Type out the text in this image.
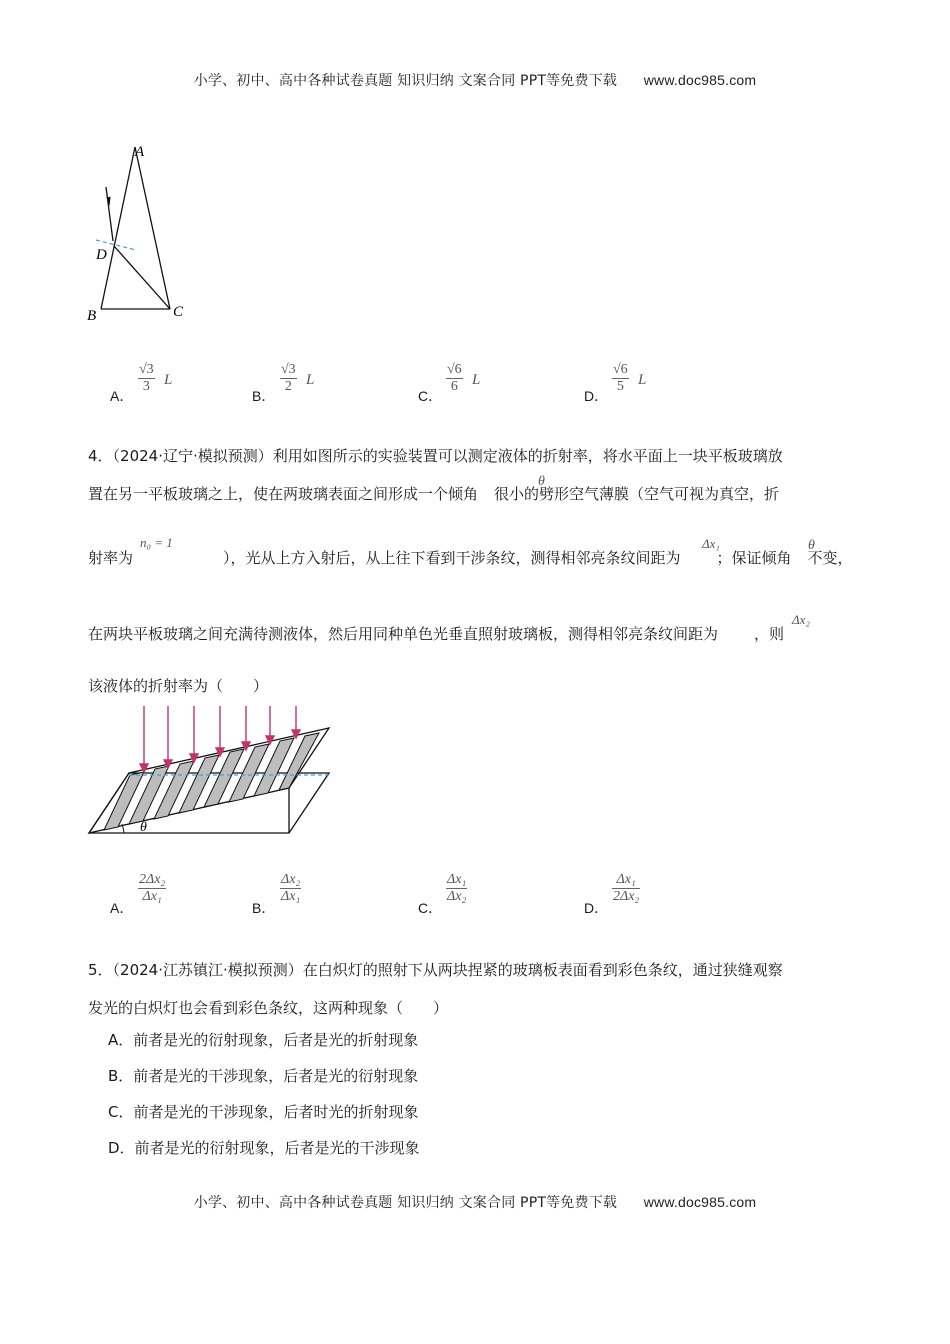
小学、初中、高中各种试卷真题 知识归纳 文案合同 PPT等免费下载 www.doc985.com
A
D
B	C
A．
$\frac{√3}{3}$ L
B．
$\frac{√3}{2}$ L
C．
$\frac{√6}{6}$ L
D．
$\frac{√6}{5}$ L
4．（2024·辽宁·模拟预测）利用如图所示的实验装置可以测定液体的折射率，将水平面上一块平板玻璃放
置在另一平板玻璃之上，使在两玻璃表面之间形成一个倾角 很小的劈形空气薄膜（空气可视为真空，折
θ
射率为	），光从上方入射后，从上往下看到干涉条纹，测得相邻亮条纹间距为 ；保证倾角 不变，
n₀ = 1	Δx₁	θ
在两块平板玻璃之间充满待测液体，然后用同种单色光垂直照射玻璃板，测得相邻亮条纹间距为 ，则
Δx₂
该液体的折射率为（　　）
θ
A．
$\frac{\text{2Δx₂}}{\text{Δx₁}}$
B．
$\frac{\text{Δx₂}}{\text{Δx₁}}$
C．
$\frac{\text{Δx₁}}{\text{Δx₂}}$
D．
$\frac{\text{Δx₁}}{\text{2Δx₂}}$
5．（2024·江苏镇江·模拟预测）在白炽灯的照射下从两块捏紧的玻璃板表面看到彩色条纹，通过狭缝观察
发光的白炽灯也会看到彩色条纹，这两种现象（　　）
A．前者是光的衍射现象，后者是光的折射现象
B．前者是光的干涉现象，后者是光的衍射现象
C．前者是光的干涉现象，后者时光的折射现象
D．前者是光的衍射现象，后者是光的干涉现象
小学、初中、高中各种试卷真题 知识归纳 文案合同 PPT等免费下载 www.doc985.com
